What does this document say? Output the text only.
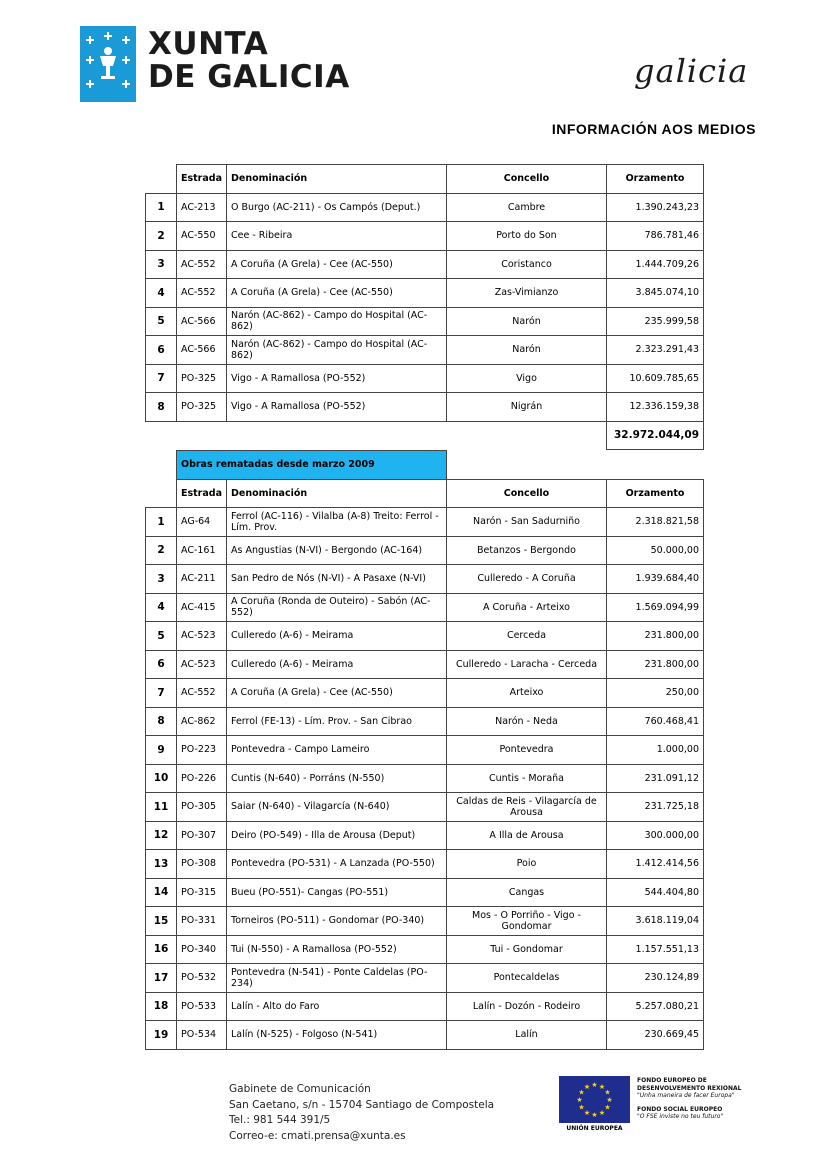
XUNTA
DE GALICIA	galicia
INFORMACIÓN AOS MEDIOS
	Estrada	Denominación	Concello	Orzamento
1	AC-213	O Burgo (AC-211) - Os Campós (Deput.)	Cambre	1.390.243,23
2	AC-550	Cee - Ribeira	Porto do Son	786.781,46
3	AC-552	A Coruña (A Grela) - Cee (AC-550)	Coristanco	1.444.709,26
4	AC-552	A Coruña (A Grela) - Cee (AC-550)	Zas-Vimianzo	3.845.074,10
5	AC-566	Narón (AC-862) - Campo do Hospital (AC-862)	Narón	235.999,58
6	AC-566	Narón (AC-862) - Campo do Hospital (AC-862)	Narón	2.323.291,43
7	PO-325	Vigo - A Ramallosa (PO-552)	Vigo	10.609.785,65
8	PO-325	Vigo - A Ramallosa (PO-552)	Nigrán	12.336.159,38
				32.972.044,09
	Obras rematadas desde marzo 2009			
	Estrada	Denominación	Concello	Orzamento
1	AG-64	Ferrol (AC-116) - Vilalba (A-8) Treito: Ferrol - Lím. Prov.	Narón - San Sadurniño	2.318.821,58
2	AC-161	As Angustias (N-VI) - Bergondo (AC-164)	Betanzos - Bergondo	50.000,00
3	AC-211	San Pedro de Nós (N-VI) - A Pasaxe (N-VI)	Culleredo - A Coruña	1.939.684,40
4	AC-415	A Coruña (Ronda de Outeiro) - Sabón (AC-552)	A Coruña - Arteixo	1.569.094,99
5	AC-523	Culleredo (A-6) - Meirama	Cerceda	231.800,00
6	AC-523	Culleredo (A-6) - Meirama	Culleredo - Laracha - Cerceda	231.800,00
7	AC-552	A Coruña (A Grela) - Cee (AC-550)	Arteixo	250,00
8	AC-862	Ferrol (FE-13) - Lím. Prov. - San Cibrao	Narón - Neda	760.468,41
9	PO-223	Pontevedra - Campo Lameiro	Pontevedra	1.000,00
10	PO-226	Cuntis (N-640) - Porráns (N-550)	Cuntis - Moraña	231.091,12
11	PO-305	Saiar (N-640) - Vilagarcía (N-640)	Caldas de Reis - Vilagarcía de Arousa	231.725,18
12	PO-307	Deiro (PO-549) - Illa de Arousa (Deput)	A Illa de Arousa	300.000,00
13	PO-308	Pontevedra (PO-531) - A Lanzada (PO-550)	Poio	1.412.414,56
14	PO-315	Bueu (PO-551)- Cangas (PO-551)	Cangas	544.404,80
15	PO-331	Torneiros (PO-511) - Gondomar (PO-340)	Mos - O Porriño - Vigo - Gondomar	3.618.119,04
16	PO-340	Tui (N-550) - A Ramallosa (PO-552)	Tui - Gondomar	1.157.551,13
17	PO-532	Pontevedra (N-541) - Ponte Caldelas (PO-234)	Pontecaldelas	230.124,89
18	PO-533	Lalín - Alto do Faro	Lalín - Dozón - Rodeiro	5.257.080,21
19	PO-534	Lalín (N-525) - Folgoso (N-541)	Lalín	230.669,45
Gabinete de Comunicación
San Caetano, s/n - 15704 Santiago de Compostela
Tel.: 981 544 391/5
Correo-e: cmati.prensa@xunta.es
★ ★
★
★
★
★
★
★
★
★
★
★
UNIÓN EUROPEA
FONDO EUROPEO DE
DESENVOLVEMENTO REXIONAL
"Unha maneira de facer Europa"
FONDO SOCIAL EUROPEO
"O FSE inviste no teu futuro"
